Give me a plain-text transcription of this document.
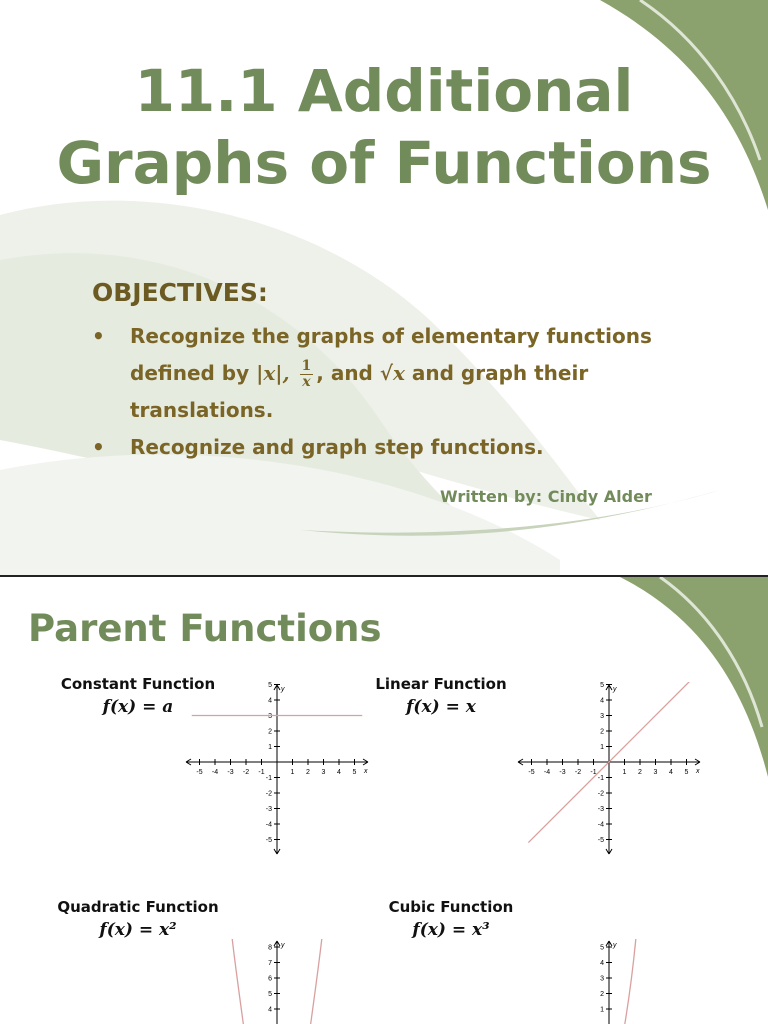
11.1 Additional
Graphs of Functions
OBJECTIVES:
• Recognize the graphs of elementary functions
defined by |x|, $\frac{1}{x}$ , and √x and graph their
translations.
• Recognize and graph step functions.
Written by: Cindy Alder
Parent Functions
Constant Function
f(x) = a
-5 -4 -3 -2 -1	1 2 3 4 5
-5
-4
-3
-2
-1
1
2
3
4
5
x
y	Linear Function
f(x) = x
-5 -4 -3 -2 -1	1 2 3 4 5
-5
-4
-3
-2
-1
1
2
3
4
5
x
y
Quadratic Function
f(x) = x²
4
5
6
7
8 y
Cubic Function
f(x) = x³
1
2
3
4
5 y
